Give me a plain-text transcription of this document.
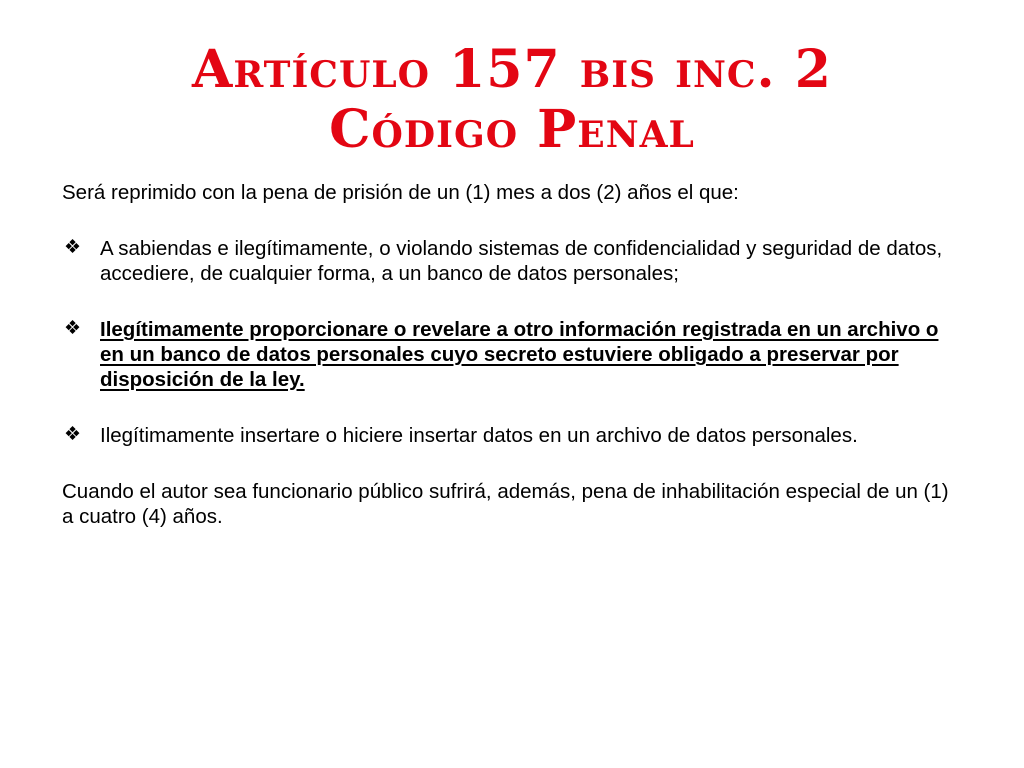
Artículo 157 bis inc. 2
Código Penal

Será reprimido con la pena de prisión de un (1) mes a dos (2) años el que:

❖ A sabiendas e ilegítimamente, o violando sistemas de confidencialidad y seguridad de datos, accediere, de cualquier forma, a un banco de datos personales;
❖ Ilegítimamente proporcionare o revelare a otro información registrada en un archivo o en un banco de datos personales cuyo secreto estuviere obligado a preservar por disposición de la ley.
❖ Ilegítimamente insertare o hiciere insertar datos en un archivo de datos personales.

Cuando el autor sea funcionario público sufrirá, además, pena de inhabilitación especial de un (1) a cuatro (4) años.
